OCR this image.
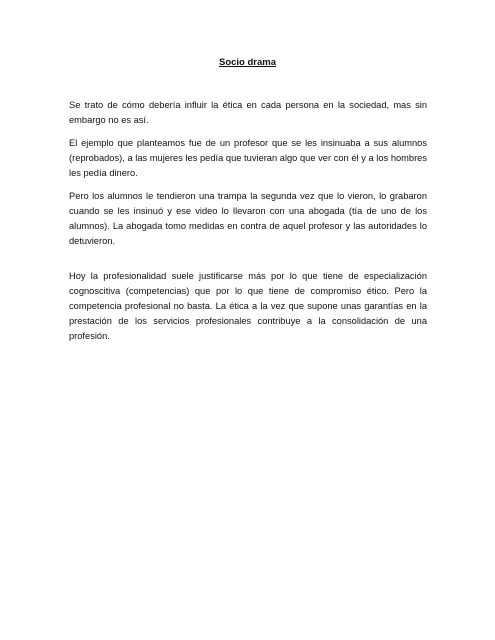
Socio drama

Se trato de cómo debería influir la ética en cada persona en la sociedad, mas sin embargo no es así.

El ejemplo que planteamos fue de un profesor que se les insinuaba a sus alumnos (reprobados), a las mujeres les pedía que tuvieran algo que ver con él y a los hombres les pedía dinero.

Pero los alumnos le tendieron una trampa la segunda vez que lo vieron, lo grabaron cuando se les insinuó y ese video lo llevaron con una abogada (tía de uno de los alumnos). La abogada tomo medidas en contra de aquel profesor y las autoridades lo detuvieron.

Hoy la profesionalidad suele justificarse más por lo que tiene de especialización cognoscitiva (competencias) que por lo que tiene de compromiso ético. Pero la competencia profesional no basta. La ética a la vez que supone unas garantías en la prestación de los servicios profesionales contribuye a la consolidación de una profesión.
